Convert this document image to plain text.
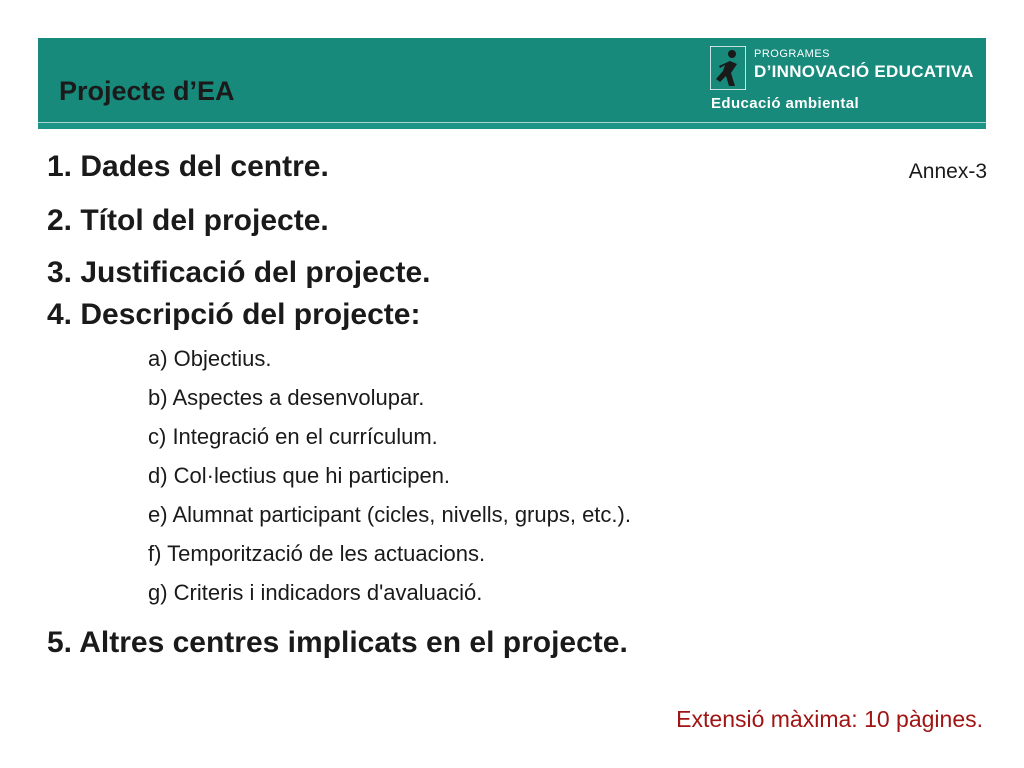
Projecte d’EA
PROGRAMES
D’INNOVACIÓ EDUCATIVA
Educació ambiental
Annex-3
1. Dades del centre.
2. Títol del projecte.
3. Justificació del projecte.
4. Descripció del projecte:
a) Objectius.
b) Aspectes a desenvolupar.
c) Integració en el currículum.
d) Col·lectius que hi participen.
e) Alumnat participant (cicles, nivells, grups, etc.).
f) Temporització de les actuacions.
g) Criteris i indicadors d'avaluació.
5. Altres centres implicats en el projecte.
Extensió màxima: 10 pàgines.
